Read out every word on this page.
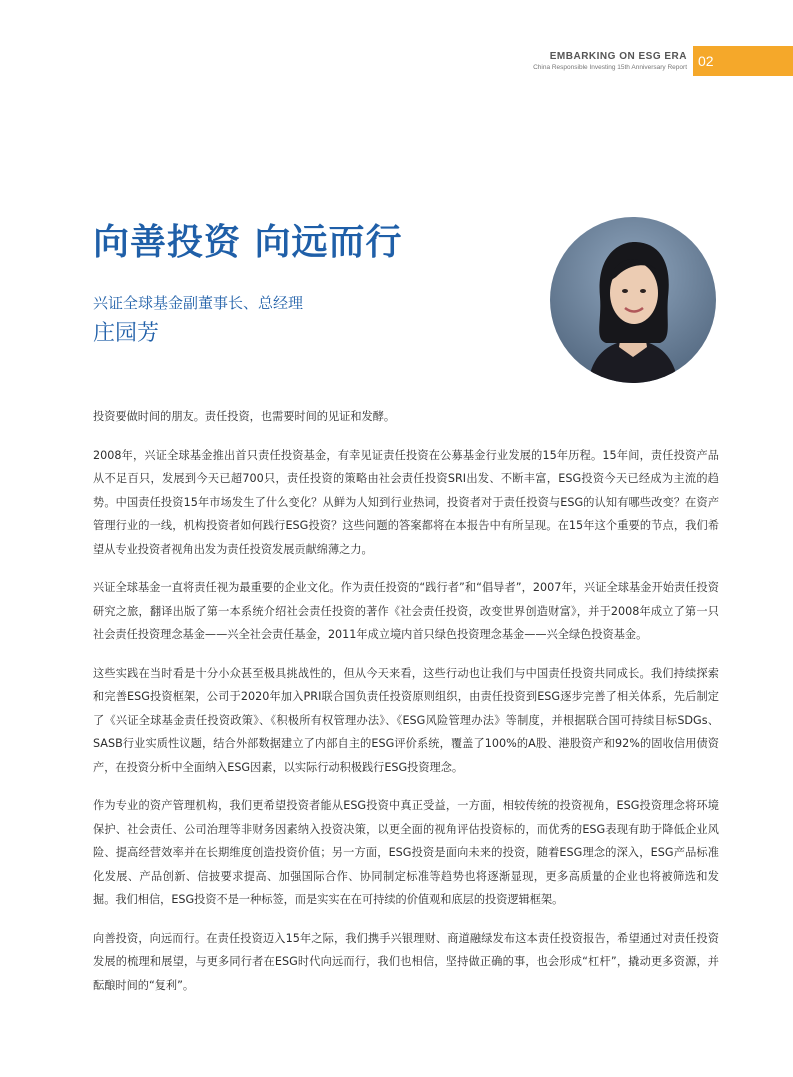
EMBARKING ON ESG ERA
China Responsible Investing 15th Anniversary Report 02
向善投资 向远而行
兴证全球基金副董事长、总经理
庄园芳

投资要做时间的朋友。责任投资，也需要时间的见证和发酵。

2008年，兴证全球基金推出首只责任投资基金，有幸见证责任投资在公募基金行业发展的15年历程。15年间，责任投资产品从不足百只，发展到今天已超700只，责任投资的策略由社会责任投资SRI出发、不断丰富，ESG投资今天已经成为主流的趋势。中国责任投资15年市场发生了什么变化？从鲜为人知到行业热词，投资者对于责任投资与ESG的认知有哪些改变？在资产管理行业的一线，机构投资者如何践行ESG投资？这些问题的答案都将在本报告中有所呈现。在15年这个重要的节点，我们希望从专业投资者视角出发为责任投资发展贡献绵薄之力。

兴证全球基金一直将责任视为最重要的企业文化。作为责任投资的“践行者”和“倡导者”，2007年，兴证全球基金开始责任投资研究之旅，翻译出版了第一本系统介绍社会责任投资的著作《社会责任投资，改变世界创造财富》，并于2008年成立了第一只社会责任投资理念基金——兴全社会责任基金，2011年成立境内首只绿色投资理念基金——兴全绿色投资基金。

这些实践在当时看是十分小众甚至极具挑战性的，但从今天来看，这些行动也让我们与中国责任投资共同成长。我们持续探索和完善ESG投资框架，公司于2020年加入PRI联合国负责任投资原则组织，由责任投资到ESG逐步完善了相关体系，先后制定了《兴证全球基金责任投资政策》、《积极所有权管理办法》、《ESG风险管理办法》等制度，并根据联合国可持续目标SDGs、SASB行业实质性议题，结合外部数据建立了内部自主的ESG评价系统，覆盖了100%的A股、港股资产和92%的固收信用债资产，在投资分析中全面纳入ESG因素，以实际行动积极践行ESG投资理念。

作为专业的资产管理机构，我们更希望投资者能从ESG投资中真正受益，一方面，相较传统的投资视角，ESG投资理念将环境保护、社会责任、公司治理等非财务因素纳入投资决策，以更全面的视角评估投资标的，而优秀的ESG表现有助于降低企业风险、提高经营效率并在长期维度创造投资价值；另一方面，ESG投资是面向未来的投资，随着ESG理念的深入，ESG产品标准化发展、产品创新、信披要求提高、加强国际合作、协同制定标准等趋势也将逐渐显现，更多高质量的企业也将被筛选和发掘。我们相信，ESG投资不是一种标签，而是实实在在可持续的价值观和底层的投资逻辑框架。

向善投资，向远而行。在责任投资迈入15年之际，我们携手兴银理财、商道融绿发布这本责任投资报告，希望通过对责任投资发展的梳理和展望，与更多同行者在ESG时代向远而行，我们也相信，坚持做正确的事，也会形成“杠杆”，撬动更多资源，并酝酿时间的“复利”。
